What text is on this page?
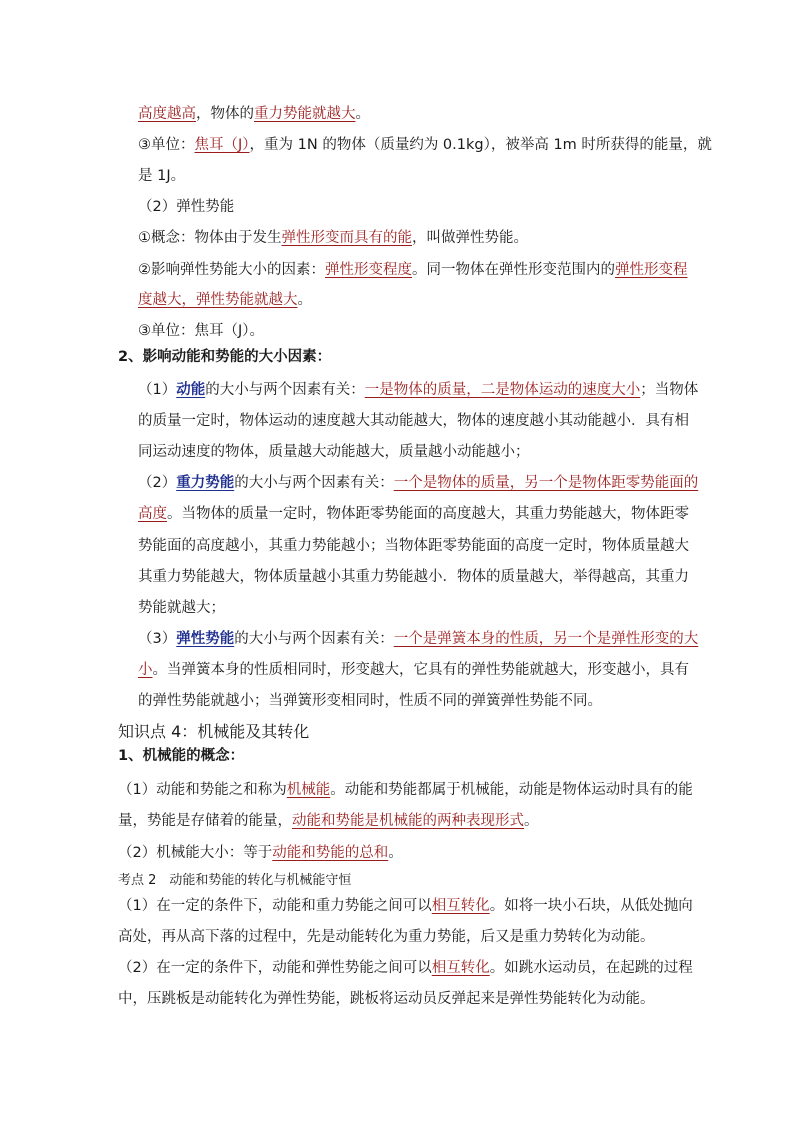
高度越高，物体的重力势能就越大。
③单位：焦耳（J），重为 1N 的物体（质量约为 0.1kg），被举高 1m 时所获得的能量，就
是 1J。
（2）弹性势能
①概念：物体由于发生弹性形变而具有的能，叫做弹性势能。
②影响弹性势能大小的因素：弹性形变程度。同一物体在弹性形变范围内的弹性形变程
度越大，弹性势能就越大。
③单位：焦耳（J）。
2、影响动能和势能的大小因素：
（1）动能的大小与两个因素有关：一是物体的质量，二是物体运动的速度大小；当物体
的质量一定时，物体运动的速度越大其动能越大，物体的速度越小其动能越小．具有相
同运动速度的物体，质量越大动能越大，质量越小动能越小；
（2）重力势能的大小与两个因素有关：一个是物体的质量，另一个是物体距零势能面的
高度。当物体的质量一定时，物体距零势能面的高度越大，其重力势能越大，物体距零
势能面的高度越小，其重力势能越小；当物体距零势能面的高度一定时，物体质量越大
其重力势能越大，物体质量越小其重力势能越小．物体的质量越大，举得越高，其重力
势能就越大；
（3）弹性势能的大小与两个因素有关：一个是弹簧本身的性质，另一个是弹性形变的大
小。当弹簧本身的性质相同时，形变越大，它具有的弹性势能就越大，形变越小，具有
的弹性势能就越小；当弹簧形变相同时，性质不同的弹簧弹性势能不同。
知识点 4：机械能及其转化
1、机械能的概念：
（1）动能和势能之和称为机械能。动能和势能都属于机械能，动能是物体运动时具有的能
量，势能是存储着的能量，动能和势能是机械能的两种表现形式。
（2）机械能大小：等于动能和势能的总和。
考点 2　动能和势能的转化与机械能守恒
（1）在一定的条件下，动能和重力势能之间可以相互转化。如将一块小石块，从低处抛向
高处，再从高下落的过程中，先是动能转化为重力势能，后又是重力势转化为动能。
（2）在一定的条件下，动能和弹性势能之间可以相互转化。如跳水运动员，在起跳的过程
中，压跳板是动能转化为弹性势能，跳板将运动员反弹起来是弹性势能转化为动能。
